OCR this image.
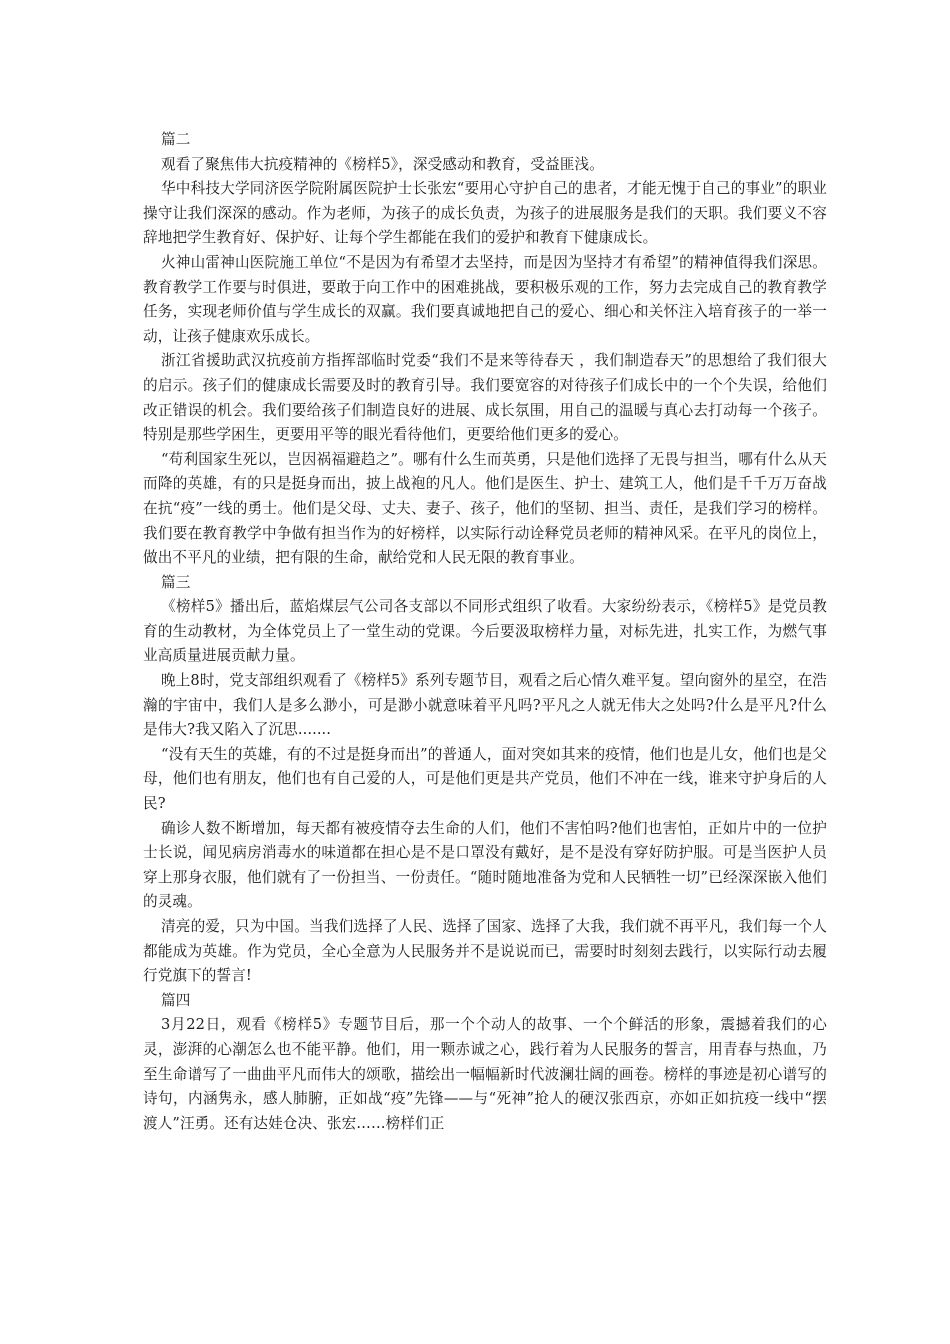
篇二

观看了聚焦伟大抗疫精神的《榜样5》，深受感动和教育，受益匪浅。

华中科技大学同济医学院附属医院护士长张宏“要用心守护自己的患者，才能无愧于自己的事业”的职业操守让我们深深的感动。作为老师，为孩子的成长负责，为孩子的进展服务是我们的天职。我们要义不容辞地把学生教育好、保护好、让每个学生都能在我们的爱护和教育下健康成长。

火神山雷神山医院施工单位“不是因为有希望才去坚持，而是因为坚持才有希望”的精神值得我们深思。教育教学工作要与时俱进，要敢于向工作中的困难挑战，要积极乐观的工作，努力去完成自己的教育教学任务，实现老师价值与学生成长的双赢。我们要真诚地把自己的爱心、细心和关怀注入培育孩子的一举一动，让孩子健康欢乐成长。

浙江省援助武汉抗疫前方指挥部临时党委“我们不是来等待春天 ，我们制造春天”的思想给了我们很大的启示。孩子们的健康成长需要及时的教育引导。我们要宽容的对待孩子们成长中的一个个失误，给他们改正错误的机会。我们要给孩子们制造良好的进展、成长氛围，用自己的温暖与真心去打动每一个孩子。特别是那些学困生，更要用平等的眼光看待他们，更要给他们更多的爱心。

“苟利国家生死以，岂因祸福避趋之”。哪有什么生而英勇，只是他们选择了无畏与担当，哪有什么从天而降的英雄，有的只是挺身而出，披上战袍的凡人。他们是医生、护士、建筑工人，他们是千千万万奋战在抗“疫”一线的勇士。他们是父母、丈夫、妻子、孩子，他们的坚韧、担当、责任，是我们学习的榜样。我们要在教育教学中争做有担当作为的好榜样，以实际行动诠释党员老师的精神风采。在平凡的岗位上，做出不平凡的业绩，把有限的生命，献给党和人民无限的教育事业。

篇三

《榜样5》播出后，蓝焰煤层气公司各支部以不同形式组织了收看。大家纷纷表示，《榜样5》是党员教育的生动教材，为全体党员上了一堂生动的党课。今后要汲取榜样力量，对标先进，扎实工作，为燃气事业高质量进展贡献力量。

晚上8时，党支部组织观看了《榜样5》系列专题节目，观看之后心情久难平复。望向窗外的星空，在浩瀚的宇宙中，我们人是多么渺小，可是渺小就意味着平凡吗?平凡之人就无伟大之处吗?什么是平凡?什么是伟大?我又陷入了沉思.......

“没有天生的英雄，有的不过是挺身而出”的普通人，面对突如其来的疫情，他们也是儿女，他们也是父母，他们也有朋友，他们也有自己爱的人，可是他们更是共产党员，他们不冲在一线，谁来守护身后的人民?

确诊人数不断增加，每天都有被疫情夺去生命的人们，他们不害怕吗?他们也害怕，正如片中的一位护士长说，闻见病房消毒水的味道都在担心是不是口罩没有戴好，是不是没有穿好防护服。可是当医护人员穿上那身衣服，他们就有了一份担当、一份责任。“随时随地准备为党和人民牺牲一切”已经深深嵌入他们的灵魂。

清亮的爱，只为中国。当我们选择了人民、选择了国家、选择了大我，我们就不再平凡，我们每一个人都能成为英雄。作为党员，全心全意为人民服务并不是说说而已，需要时时刻刻去践行，以实际行动去履行党旗下的誓言!

篇四

3月22日，观看《榜样5》专题节目后，那一个个动人的故事、一个个鲜活的形象，震撼着我们的心灵，澎湃的心潮怎么也不能平静。他们，用一颗赤诚之心，践行着为人民服务的誓言，用青春与热血，乃至生命谱写了一曲曲平凡而伟大的颂歌，描绘出一幅幅新时代波澜壮阔的画卷。榜样的事迹是初心谱写的诗句，内涵隽永，感人肺腑，正如战“疫”先锋——与“死神”抢人的硬汉张西京，亦如正如抗疫一线中“摆渡人”汪勇。还有达娃仓决、张宏……榜样们正
